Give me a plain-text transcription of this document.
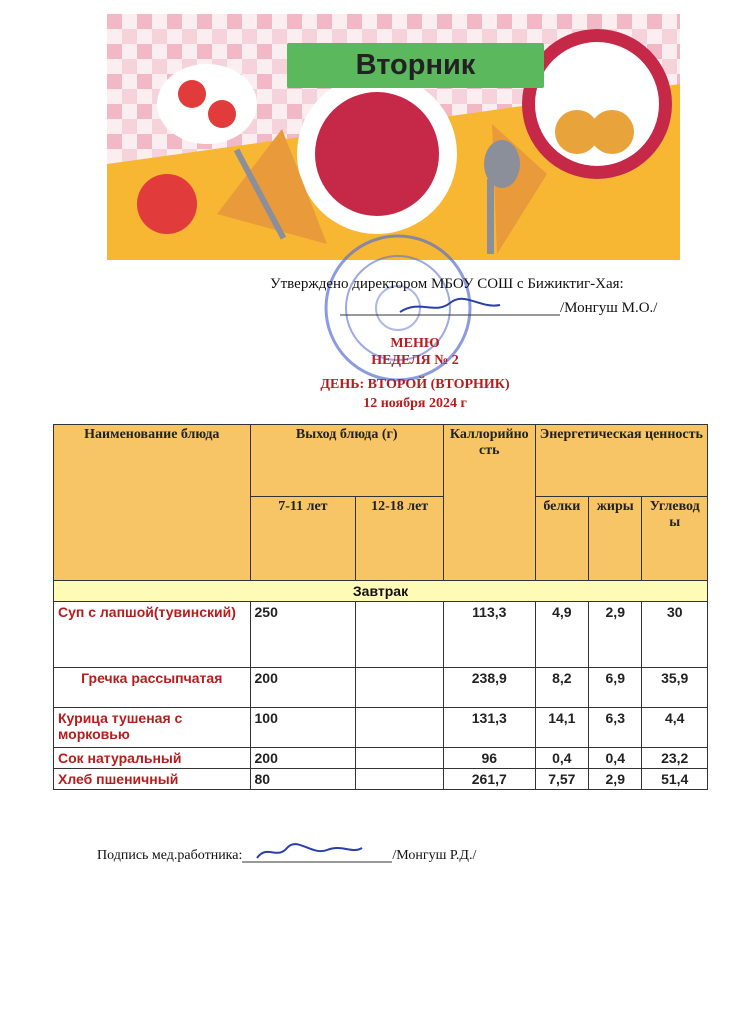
Вторник
Утверждено директором МБОУ СОШ с Бижиктиг-Хая:
/Монгуш М.О./
МЕНЮ
НЕДЕЛЯ № 2
ДЕНЬ: ВТОРОЙ (ВТОРНИК)
12 ноября 2024 г
Наименование блюда	Выход блюда (г)		Каллорийность	Энергетическая ценность		
	7-11 лет	12-18 лет		белки	жиры	Углеводы
Завтрак						
Суп с лапшой(тувинский)	250		113,3	4,9	2,9	30
Гречка рассыпчатая	200		238,9	8,2	6,9	35,9
Курица тушеная с морковью	100		131,3	14,1	6,3	4,4
Сок натуральный	200		96	0,4	0,4	23,2
Хлеб пшеничный	80		261,7	7,57	2,9	51,4
Подпись мед.работника:	/Монгуш Р.Д./
